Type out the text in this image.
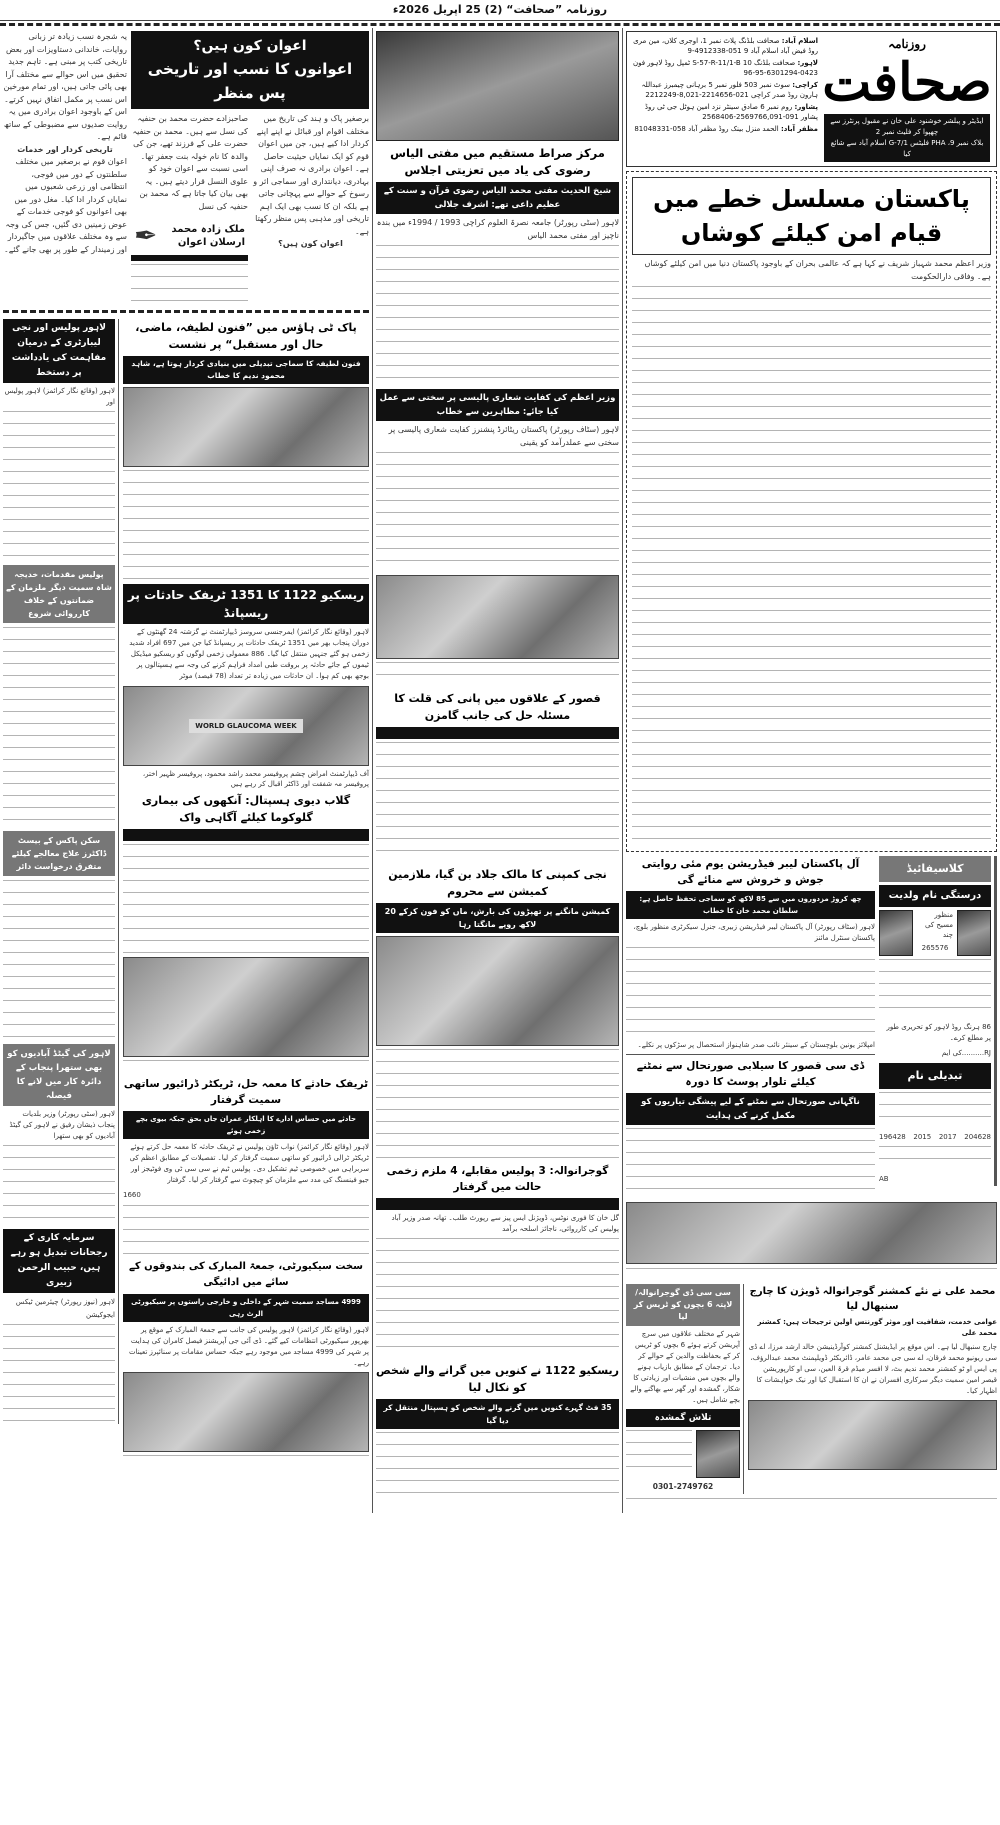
روزنامہ ”صحافت“ (2) 25 اپریل 2026ء
روزنامہ
صحافت
ایڈیٹر و پبلشر خوشنود علی خان نے مقبول پرنٹرز سے چھپوا کر فلیٹ نمبر 2
بلاک نمبر 9، PHA فلیٹس G-7/1 اسلام آباد سے شائع کیا
اسلام آباد: صحافت بلڈنگ پلاٹ نمبر 1، اوجری کلاں، مین مری روڈ فیض آباد اسلام آباد 9 051-4912338-9
لاہور: صحافت بلڈنگ S-57-R-11/1-B 10 ٹمپل روڈ لاہور فون 0423-6301294-95-96
کراچی: سوٹ نمبر 503 فلور نمبر 5 برہانی چیمبرز عبداللہ ہارون روڈ صدر کراچی 021-2214656-8,021-2212249
پشاور: روم نمبر 6 صادق سینٹر نزد امین ہوٹل جی ٹی روڈ پشاور 091-2569766,091-2568406
مظفر آباد: الحمد منزل بینک روڈ مظفر آباد 058-81048331
پاکستان مسلسل خطے میں قیام امن کیلئے کوشاں
وزیر اعظم محمد شہباز شریف نے کہا ہے کہ عالمی بحران کے باوجود پاکستان دنیا میں امن کیلئے کوشاں ہے۔ وفاقی دارالحکومت
کلاسیفائیڈ
درستگی نام ولدیت
منظور مسیح کی چند
265576
86 ہرنگ روڈ لاہور کو تحریری طور پر مطلع کرے۔
RJ..........کی ایم
تبدیلی نام
196428 2015 2017 204628
AB
آل پاکستان لیبر فیڈریشن یوم مئی روایتی جوش و خروش سے منائے گی
چھ کروڑ مزدوروں میں سے 85 لاکھ کو سماجی تحفظ حاصل ہے: سلطان محمد خان کا خطاب
لاہور (سٹاف رپورٹر) آل پاکستان لیبر فیڈریشن زبیری، جنرل سیکرٹری منظور بلوچ، پاکستان سنٹرل مائنز
امپلائز یونین بلوچستان کے سینئر نائب صدر شاہنواز استحصال پر سڑکوں پر نکلے۔
ڈی سی قصور کا سیلابی صورتحال سے نمٹنے کیلئے تلوار پوسٹ کا دورہ
ناگہانی صورتحال سے نمٹنے کے لیے پیشگی تیاریوں کو مکمل کرنے کی ہدایت
محمد علی نے نئے کمشنر گوجرانوالہ ڈویژن کا چارج سنبھال لیا
عوامی خدمت، شفافیت اور موثر گورننس اولین ترجیحات ہیں: کمشنر محمد علی
چارج سنبھال لیا ہے۔ اس موقع پر ایڈیشنل کمشنر کوآرڈینیشن خالد ارشد مرزا، اے ڈی سی ریونیو محمد فرقان، اے سی جی محمد عامر، ڈائریکٹر ڈویلپمنٹ محمد عبدالرؤف، پی ایس او ٹو کمشنر محمد ندیم بٹ، لا افسر میڈم قرۃ العین، سی او کارپوریشن قیصر امین سمیت دیگر سرکاری افسران نے ان کا استقبال کیا اور نیک خواہشات کا اظہار کیا۔
سی سی ڈی گوجرانوالہ/ لاپتہ 6 بچوں کو ٹریس کر لیا
شہر کے مختلف علاقوں میں سرچ آپریشن کرتے ہوئے 6 بچوں کو ٹریس کر کے بحفاظت والدین کے حوالے کر دیا۔ ترجمان کے مطابق بازیاب ہونے والے بچوں میں منشیات اور زیادتی کا شکار، گمشدہ اور گھر سے بھاگنے والے بچے شامل ہیں۔
تلاش گمشدہ
0301-2749762
مرکز صراط مستقیم میں مفتی الیاس رضوی کی یاد میں تعزیتی اجلاس
شیخ الحدیث مفتی محمد الیاس رضوی قرآن و سنت کے عظیم داعی تھے: اشرف جلالی
لاہور (سٹی رپورٹر) جامعہ نصرۃ العلوم کراچی 1993 / 1994ء میں بندہ ناچیز اور مفتی محمد الیاس
وزیر اعظم کی کفایت شعاری پالیسی پر سختی سے عمل کیا جائے: مظاہرین سے خطاب
لاہور (سٹاف رپورٹر) پاکستان ریٹائرڈ پنشنرز کفایت شعاری پالیسی پر سختی سے عملدرآمد کو یقینی
قصور کے علاقوں میں پانی کی قلت کا مسئلہ حل کی جانب گامزن
نجی کمپنی کا مالک جلاد بن گیا، ملازمین کمیشن سے محروم
کمیشن مانگنے پر تھپڑوں کی بارش، ماں کو فون کرکے 20 لاکھ روپے مانگتا رہا
گوجرانوالہ: 3 پولیس مقابلے، 4 ملزم زخمی حالت میں گرفتار
گل خان کا فوری نوٹس، ڈویژنل ایس پیز سے رپورٹ طلب۔ تھانہ صدر وزیر آباد پولیس کی کارروائی، ناجائز اسلحہ برآمد
ریسکیو 1122 نے کنویں میں گرانے والے شخص کو نکال لیا
35 فٹ گہرے کنویں میں گرنے والے شخص کو ہسپتال منتقل کر دیا گیا
اعوان کون ہیں؟
اعوانوں کا نسب اور تاریخی پس منظر
برصغیر پاک و ہند کی تاریخ میں مختلف اقوام اور قبائل نے اپنے اپنے کردار ادا کیے ہیں، جن میں اعوان قوم کو ایک نمایاں حیثیت حاصل ہے۔ اعوان برادری نہ صرف اپنی بہادری، دیانتداری اور سماجی اثر و رسوخ کے حوالے سے پہچانی جاتی ہے بلکہ ان کا نسب بھی ایک اہم تاریخی اور مذہبی پس منظر رکھتا ہے۔
اعوان کون ہیں؟
صاحبزادے حضرت محمد بن حنفیہ کی نسل سے ہیں۔ محمد بن حنفیہ حضرت علی کے فرزند تھے، جن کی والدہ کا نام خولہ بنت جعفر تھا۔ اسی نسبت سے اعوان خود کو علوی النسل قرار دیتے ہیں۔ یہ بھی بیان کیا جاتا ہے کہ محمد بن حنفیہ کی نسل
ملک زادہ محمد
ارسلان اعوان
✒
یہ شجرہ نسب زیادہ تر زبانی روایات، خاندانی دستاویزات اور بعض تاریخی کتب پر مبنی ہے۔ تاہم جدید تحقیق میں اس حوالے سے مختلف آرا بھی پائی جاتی ہیں، اور تمام مورخین اس نسب پر مکمل اتفاق نہیں کرتے۔ اس کے باوجود اعوان برادری میں یہ روایت صدیوں سے مضبوطی کے ساتھ قائم ہے۔
تاریخی کردار اور خدمات
اعوان قوم نے برصغیر میں مختلف سلطنتوں کے دور میں فوجی، انتظامی اور زرعی شعبوں میں نمایاں کردار ادا کیا۔ مغل دور میں بھی اعوانوں کو فوجی خدمات کے عوض زمینیں دی گئیں، جس کی وجہ سے وہ مختلف علاقوں میں جاگیردار اور زمیندار کے طور پر بھی جانے گئے۔
پاک ٹی ہاؤس میں ”فنون لطیفہ، ماضی، حال اور مستقبل“ پر نشست
فنون لطیفہ کا سماجی تبدیلی میں بنیادی کردار ہوتا ہے، شاہد محمود ندیم کا خطاب
ریسکیو 1122 کا 1351 ٹریفک حادثات پر ریسپانڈ
لاہور (وقائع نگار کرائمز) ایمرجنسی سروسز ڈیپارٹمنٹ نے گزشتہ 24 گھنٹوں کے دوران پنجاب بھر میں 1351 ٹریفک حادثات پر ریسپانڈ کیا جن میں 697 افراد شدید زخمی ہو گئے جنہیں منتقل کیا گیا۔ 886 معمولی زخمی لوگوں کو ریسکیو میڈیکل ٹیموں کے جائے حادثہ پر بروقت طبی امداد فراہم کرنے کی وجہ سے ہسپتالوں پر بوجھ بھی کم ہوا۔ ان حادثات میں زیادہ تر تعداد (78 فیصد) موٹر
WORLD GLAUCOMA WEEK
آف ڈیپارٹمنٹ امراض چشم پروفیسر محمد راشد محمود، پروفیسر ظہیر اختر، پروفیسر مہ شفقت اور ڈاکٹر اقبال کر رہے ہیں
گلاب دیوی ہسپتال: آنکھوں کی بیماری گلوکوما کیلئے آگاہی واک
ٹریفک حادثے کا معمہ حل، ٹریکٹر ڈرائیور ساتھی سمیت گرفتار
حادثے میں حساس ادارے کا اہلکار عمران جاں بحق جبکہ بیوی بچے زخمی ہوئے
لاہور (وقائع نگار کرائمز) نواب ٹاؤن پولیس نے ٹریفک حادثہ کا معمہ حل کرتے ہوئے ٹریکٹر ٹرالی ڈرائیور کو ساتھی سمیت گرفتار کر لیا۔ تفصیلات کے مطابق اعظم کی سربراہی میں خصوصی ٹیم تشکیل دی۔ پولیس ٹیم نے سی سی ٹی وی فوٹیجز اور جیو فینسنگ کی مدد سے ملزمان کو چیچوٹ سے گرفتار کر لیا۔ گرفتار
1660
سخت سیکیورٹی، جمعۃ المبارک کی بندوقوں کے سائے میں ادائیگی
4999 مساجد سمیت شہر کے داخلی و خارجی راستوں پر سیکیورٹی الرٹ رہی
لاہور (وقائع نگار کرائمز) لاہور پولیس کی جانب سے جمعۃ المبارک کے موقع پر بھرپور سیکیورٹی انتظامات کیے گئے۔ ڈی آئی جی آپریشنز فیصل کامران کی ہدایت پر شہر کی 4999 مساجد میں موجود رہے جبکہ حساس مقامات پر سنائپرز تعینات رہے۔
لاہور پولیس اور نجی لیبارٹری کے درمیان مفاہمت کی یادداشت پر دستخط
لاہور (وقائع نگار کرائمز) لاہور پولیس اور
پولیس مقدمات، خدیجہ شاہ سمیت دیگر ملزمان کے ضمانتوں کے خلاف کارروائی شروع
سکن پاکس کے بیسٹ ڈاکٹرز علاج معالجے کیلئے متفرق درخواست دائر
لاہور کی گیٹڈ آبادیوں کو بھی ستھرا پنجاب کے دائرہ کار میں لانے کا فیصلہ
لاہور (سٹی رپورٹر) وزیر بلدیات پنجاب ذیشان رفیق نے لاہور کی گیٹڈ آبادیوں کو بھی ستھرا
سرمایہ کاری کے رجحانات تبدیل ہو رہے ہیں، حبیب الرحمن زبیری
لاہور (نیوز رپورٹر) چیئرمین ٹیکس ایجوکیشن
